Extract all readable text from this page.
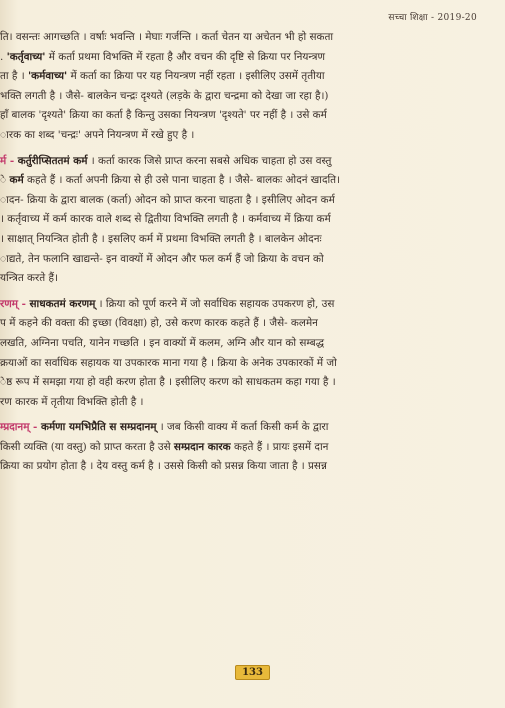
सच्चा शिक्षा - 2019-20
ति। वसन्तः आगच्छति । वर्षाः भवन्ति । मेघाः गर्जन्ति । कर्ता चेतन या अचेतन भी हो सकता
. 'कर्तृवाच्य' में कर्ता प्रथमा विभक्ति में रहता है और वचन की दृष्टि से क्रिया पर नियन्त्रण
ता है । 'कर्मवाच्य' में कर्ता का क्रिया पर यह नियन्त्रण नहीं रहता । इसीलिए उसमें तृतीया
भक्ति लगती है । जैसे- बालकेन चन्द्रः दृश्यते (लड़के के द्वारा चन्द्रमा को देखा जा रहा है।)
हाँ बालक 'दृश्यते' क्रिया का कर्ता है किन्तु उसका नियन्त्रण 'दृश्यते' पर नहीं है । उसे कर्म
ारक का शब्द 'चन्द्रः' अपने नियन्त्रण में रखे हुए है ।
र्म - कर्तुरीप्सिततमं कर्म । कर्ता कारक जिसे प्राप्त करना सबसे अधिक चाहता हो उस वस्तु
े कर्म कहते हैं । कर्ता अपनी क्रिया से ही उसे पाना चाहता है । जैसे- बालकः ओदनं खादति।
ादन- क्रिया के द्वारा बालक (कर्ता) ओदन को प्राप्त करना चाहता है । इसीलिए ओदन कर्म
। कर्तृवाच्य में कर्म कारक वाले शब्द से द्वितीया विभक्ति लगती है । कर्मवाच्य में क्रिया कर्म
। साक्षात् नियन्त्रित होती है । इसलिए कर्म में प्रथमा विभक्ति लगती है । बालकेन ओदनः
ाद्यते, तेन फलानि खाद्यन्ते- इन वाक्यों में ओदन और फल कर्म हैं जो क्रिया के वचन को
यन्त्रित करते हैं।
रणम् - साधकतमं करणम् । क्रिया को पूर्ण करने में जो सर्वाधिक सहायक उपकरण हो, उस
प में कहने की वक्ता की इच्छा (विवक्षा) हो, उसे करण कारक कहते हैं । जैसे- कलमेन
लखति, अग्निना पचति, यानेन गच्छति । इन वाक्यों में कलम, अग्नि और यान को सम्बद्ध
क्रयाओं का सर्वाधिक सहायक या उपकारक माना गया है । क्रिया के अनेक उपकारकों में जो
ेष्ठ रूप में समझा गया हो वही करण होता है । इसीलिए करण को साधकतम कहा गया है ।
रण कारक में तृतीया विभक्ति होती है ।
म्प्रदानम् - कर्मणा यमभिप्रैति स सम्प्रदानम् । जब किसी वाक्य में कर्ता किसी कर्म के द्वारा
किसी व्यक्ति (या वस्तु) को प्राप्त करता है उसे सम्प्रदान कारक कहते हैं । प्रायः इसमें दान
क्रिया का प्रयोग होता है । देय वस्तु कर्म है । उससे किसी को प्रसन्न किया जाता है । प्रसन्न
133
